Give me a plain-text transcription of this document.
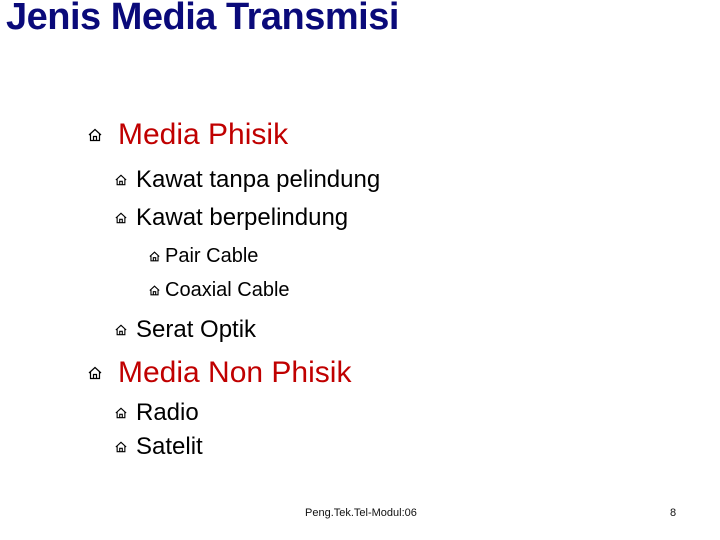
Jenis Media Transmisi
Media Phisik
Kawat tanpa pelindung
Kawat berpelindung
Pair Cable
Coaxial Cable
Serat Optik
Media Non Phisik
Radio
Satelit
Peng.Tek.Tel-Modul:06	8
